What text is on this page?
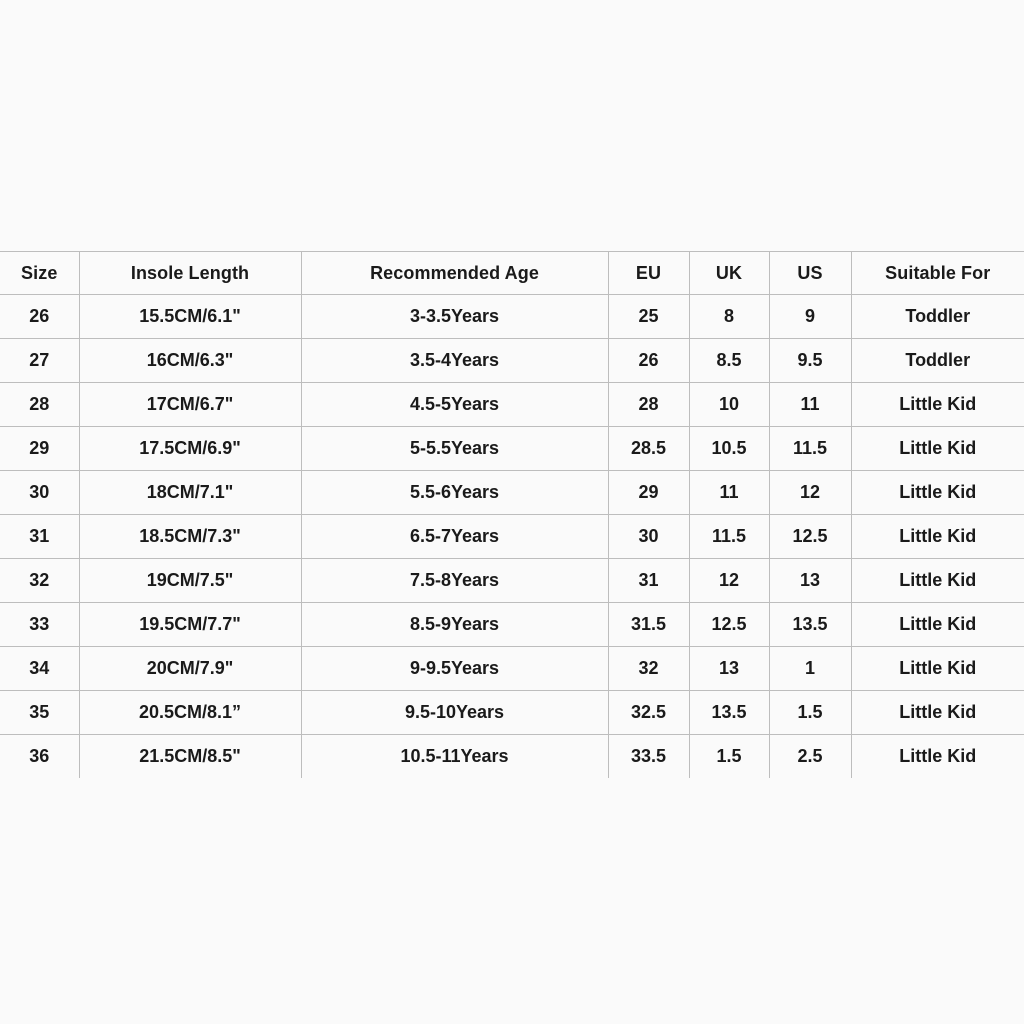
Size	Insole Length	Recommended Age	EU	UK	US	Suitable For
26	15.5CM/6.1"	3-3.5Years	25	8	9	Toddler
27	16CM/6.3"	3.5-4Years	26	8.5	9.5	Toddler
28	17CM/6.7"	4.5-5Years	28	10	11	Little Kid
29	17.5CM/6.9"	5-5.5Years	28.5	10.5	11.5	Little Kid
30	18CM/7.1"	5.5-6Years	29	11	12	Little Kid
31	18.5CM/7.3"	6.5-7Years	30	11.5	12.5	Little Kid
32	19CM/7.5"	7.5-8Years	31	12	13	Little Kid
33	19.5CM/7.7"	8.5-9Years	31.5	12.5	13.5	Little Kid
34	20CM/7.9"	9-9.5Years	32	13	1	Little Kid
35	20.5CM/8.1”	9.5-10Years	32.5	13.5	1.5	Little Kid
36	21.5CM/8.5"	10.5-11Years	33.5	1.5	2.5	Little Kid
